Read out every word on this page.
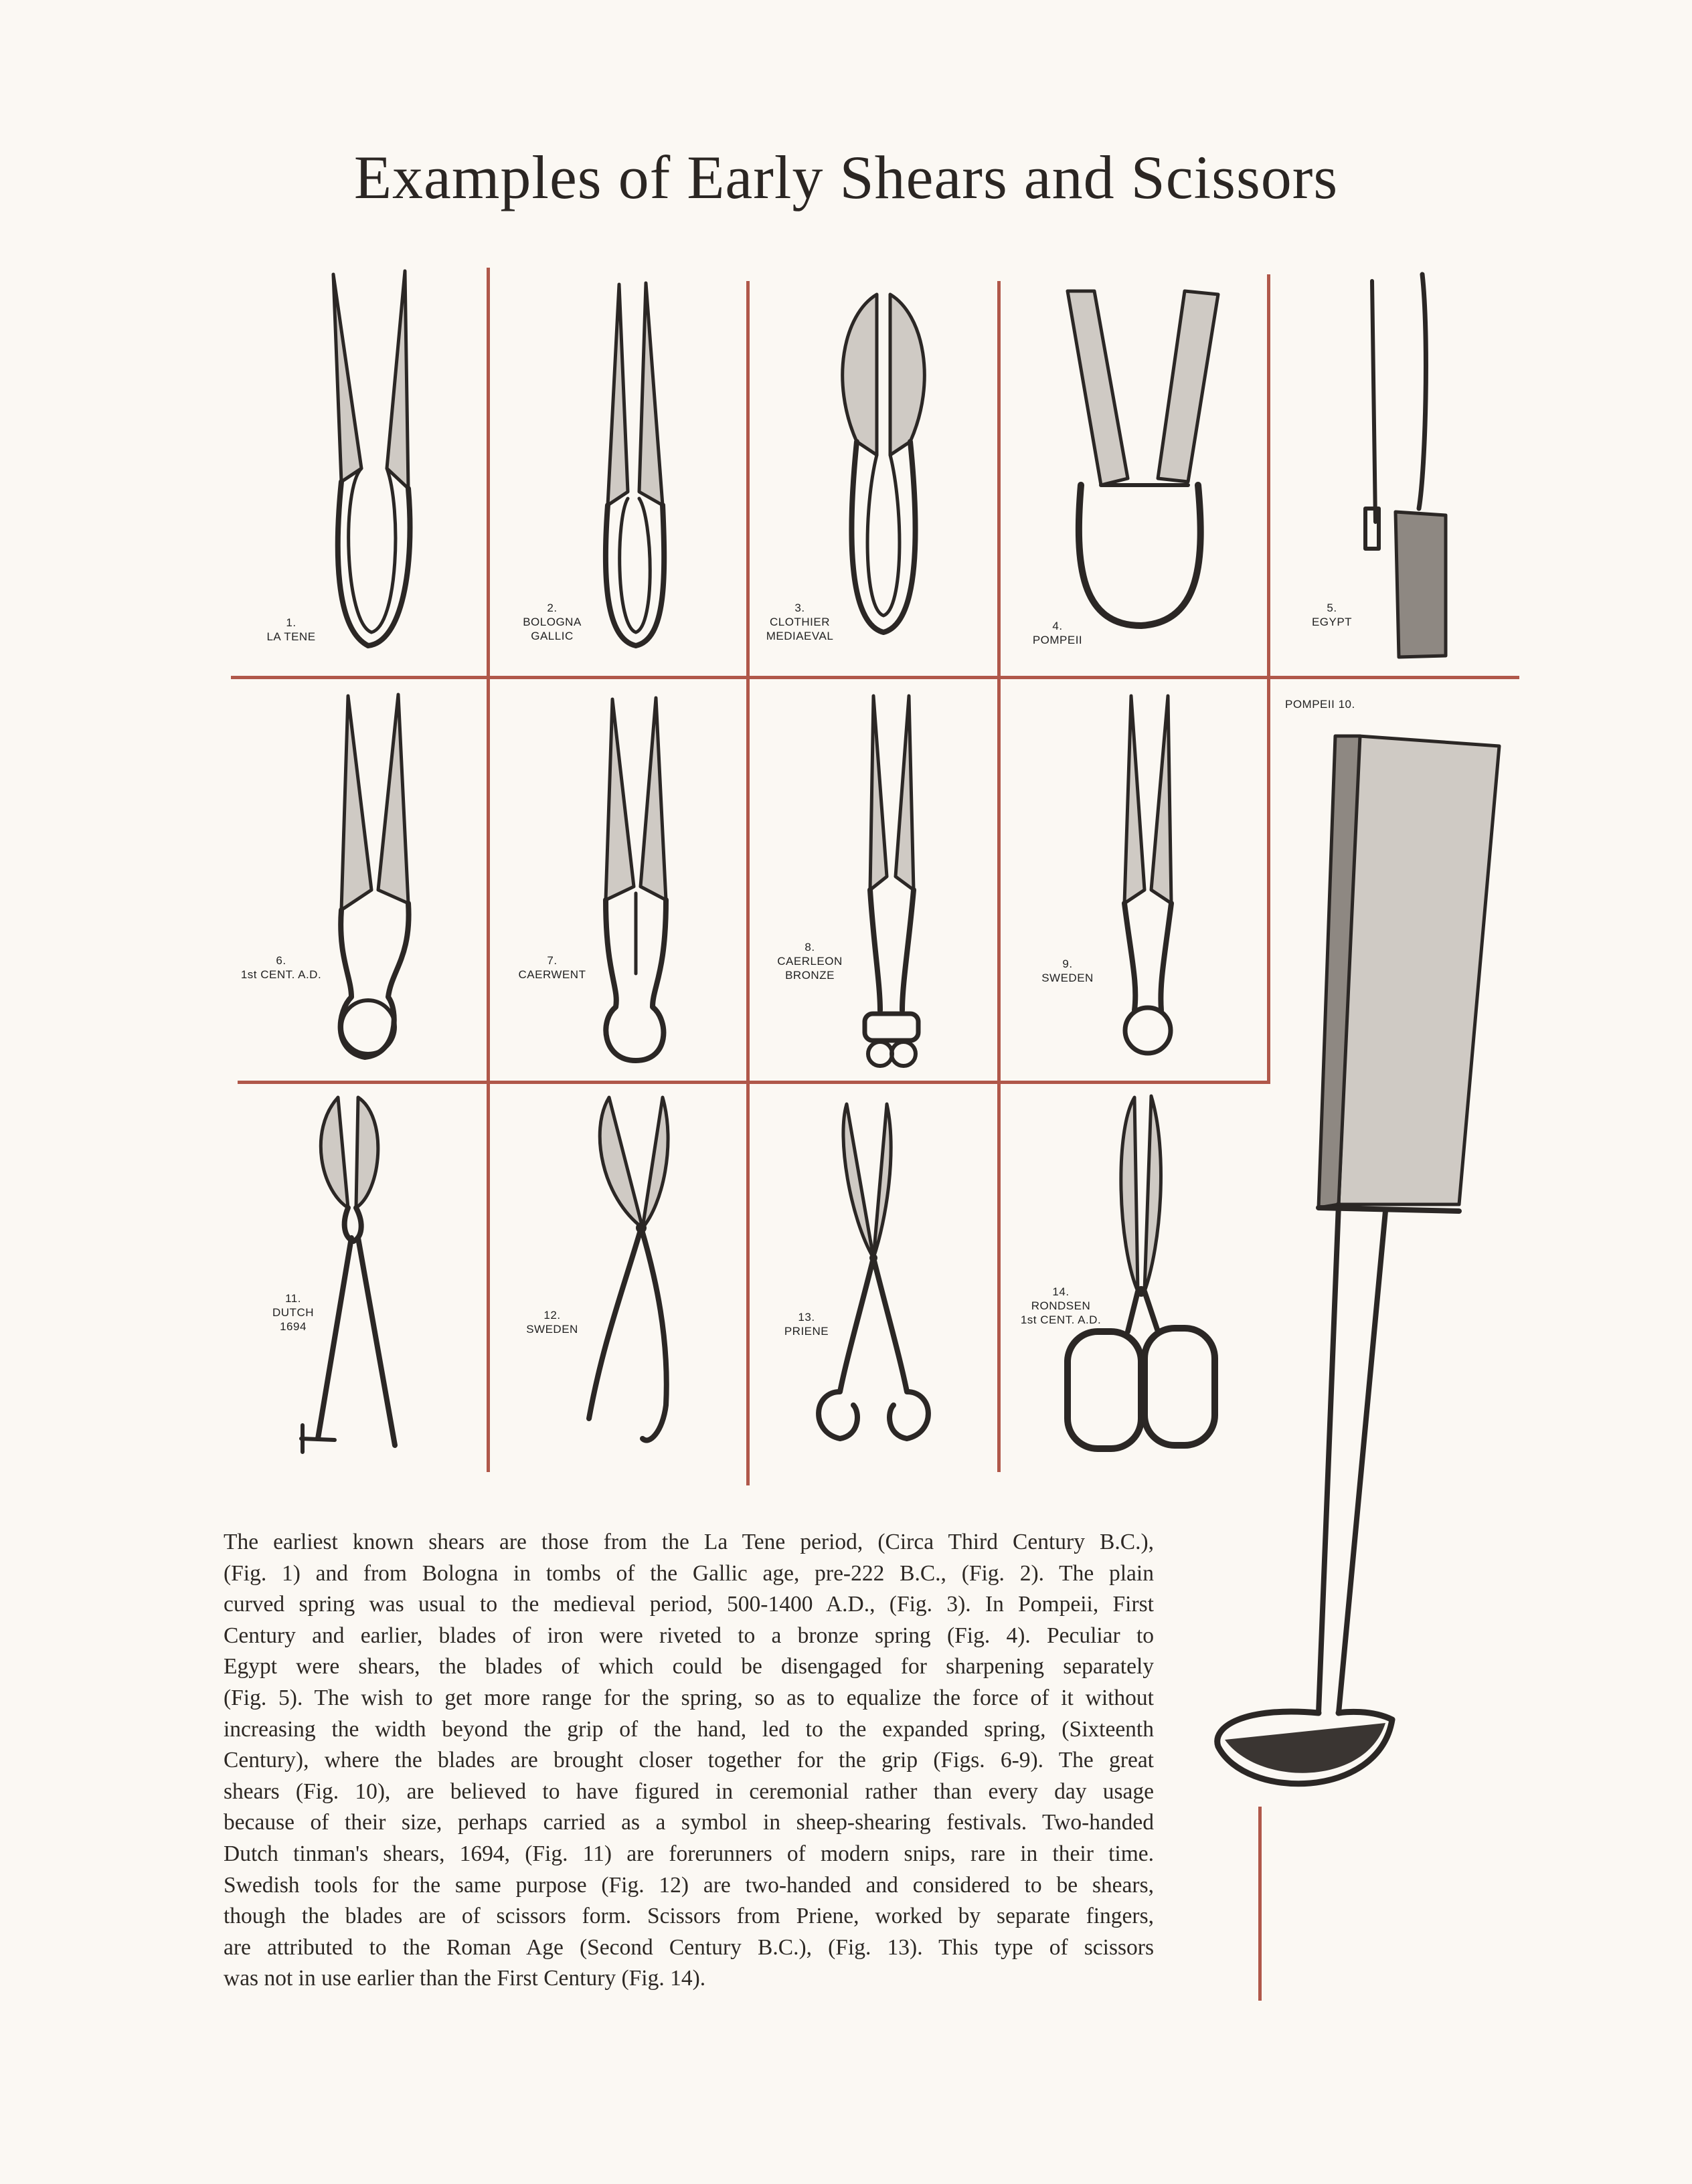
Examples of Early Shears and Scissors
1.
LA TENE
2.
BOLOGNA
GALLIC
3.
CLOTHIER
MEDIAEVAL
4.
POMPEII
5.
EGYPT
6.
1st CENT. A.D.
7.
CAERWENT
8.
CAERLEON
BRONZE
9.
SWEDEN
POMPEII 10.
11.
DUTCH
1694
12.
SWEDEN
13.
PRIENE
14.
RONDSEN
1st CENT. A.D.

The earliest known shears are those from the La Tene period, (Circa Third Century B.C.),
(Fig. 1) and from Bologna in tombs of the Gallic age, pre-222 B.C., (Fig. 2). The plain
curved spring was usual to the medieval period, 500-1400 A.D., (Fig. 3). In Pompeii, First
Century and earlier, blades of iron were riveted to a bronze spring (Fig. 4). Peculiar to
Egypt were shears, the blades of which could be disengaged for sharpening separately
(Fig. 5). The wish to get more range for the spring, so as to equalize the force of it without
increasing the width beyond the grip of the hand, led to the expanded spring, (Sixteenth
Century), where the blades are brought closer together for the grip (Figs. 6-9). The great
shears (Fig. 10), are believed to have figured in ceremonial rather than every day usage
because of their size, perhaps carried as a symbol in sheep-shearing festivals. Two-handed
Dutch tinman's shears, 1694, (Fig. 11) are forerunners of modern snips, rare in their time.
Swedish tools for the same purpose (Fig. 12) are two-handed and considered to be shears,
though the blades are of scissors form. Scissors from Priene, worked by separate fingers,
are attributed to the Roman Age (Second Century B.C.), (Fig. 13). This type of scissors
was not in use earlier than the First Century (Fig. 14).
